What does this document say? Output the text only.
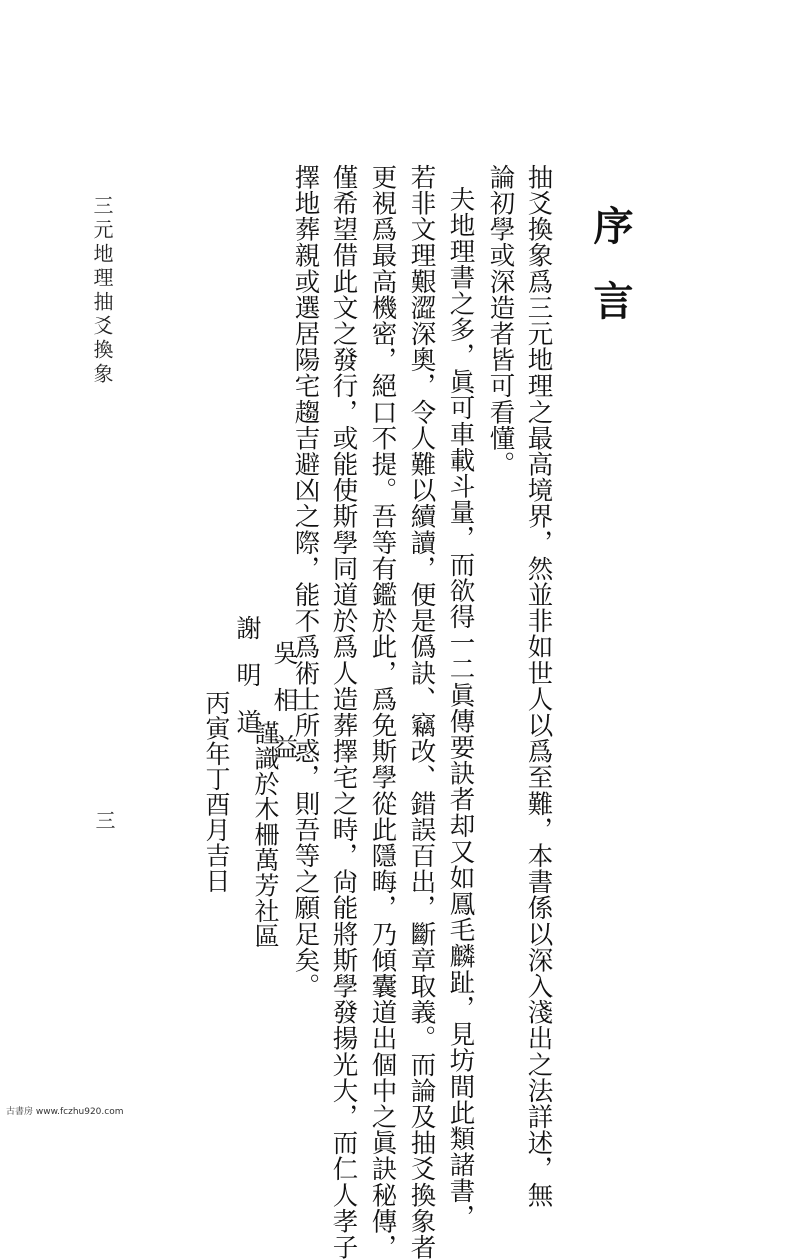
序
言
抽爻換象爲三元地理之最高境界，然並非如世人以爲至難，本書係以深入淺出之法詳述，無
論初學或深造者皆可看懂。
夫地理書之多，眞可車載斗量，而欲得一二眞傳要訣者却又如鳳毛麟趾，見坊間此類諸書，
若非文理艱澀深奧，令人難以續讀，便是僞訣、竊改、錯誤百出，斷章取義。而論及抽爻換象者
更視爲最高機密，絕口不提。吾等有鑑於此，爲免斯學從此隱晦，乃傾囊道出個中之眞訣秘傳，
僅希望借此文之發行，或能使斯學同道於爲人造葬擇宅之時，尙能將斯學發揚光大，而仁人孝子
擇地葬親或選居陽宅趨吉避凶之際，能不爲術士所惑，則吾等之願足矣。
吳相益
謹識於木柵萬芳社區
謝明道
丙寅年丁酉月吉日
三元地理抽爻換象
三
古書房 www.fczhu920.com
